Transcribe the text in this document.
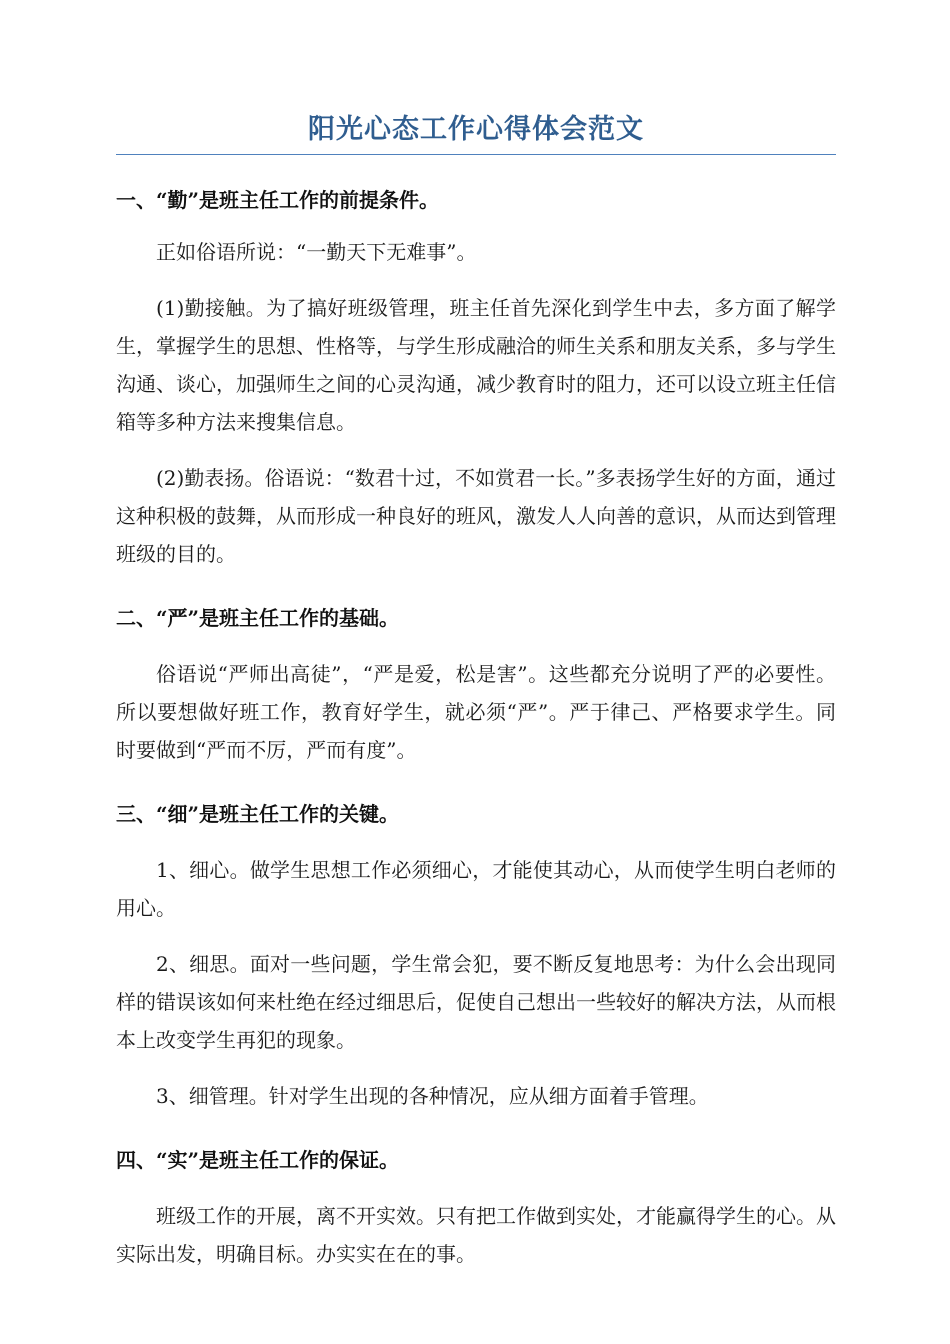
阳光心态工作心得体会范文

一、“勤”是班主任工作的前提条件。

正如俗语所说：“一勤天下无难事”。

(1)勤接触。为了搞好班级管理，班主任首先深化到学生中去，多方面了解学生，掌握学生的思想、性格等，与学生形成融洽的师生关系和朋友关系，多与学生沟通、谈心，加强师生之间的心灵沟通，减少教育时的阻力，还可以设立班主任信箱等多种方法来搜集信息。

(2)勤表扬。俗语说：“数君十过，不如赏君一长。”多表扬学生好的方面，通过这种积极的鼓舞，从而形成一种良好的班风，激发人人向善的意识，从而达到管理班级的目的。

二、“严”是班主任工作的基础。

俗语说“严师出高徒”，“严是爱，松是害”。这些都充分说明了严的必要性。所以要想做好班工作，教育好学生，就必须“严”。严于律己、严格要求学生。同时要做到“严而不厉，严而有度”。

三、“细”是班主任工作的关键。

1、细心。做学生思想工作必须细心，才能使其动心，从而使学生明白老师的用心。

2、细思。面对一些问题，学生常会犯，要不断反复地思考：为什么会出现同样的错误该如何来杜绝在经过细思后，促使自己想出一些较好的解决方法，从而根本上改变学生再犯的现象。

3、细管理。针对学生出现的各种情况，应从细方面着手管理。

四、“实”是班主任工作的保证。

班级工作的开展，离不开实效。只有把工作做到实处，才能赢得学生的心。从实际出发，明确目标。办实实在在的事。
